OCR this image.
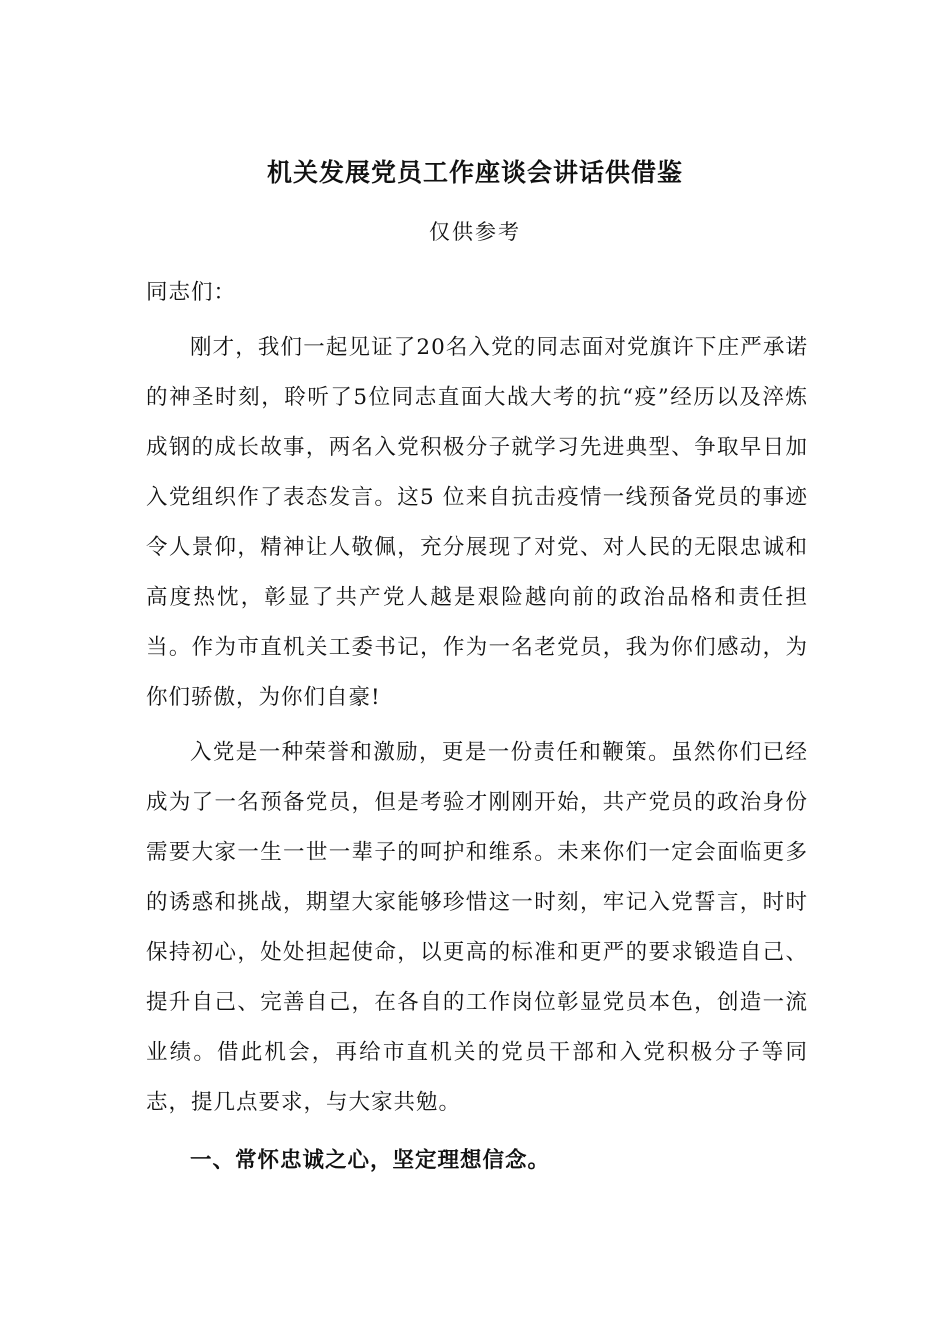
机关发展党员工作座谈会讲话供借鉴
仅供参考
同志们：
刚才，我们一起见证了20名入党的同志面对党旗许下庄严承诺的神圣时刻，聆听了5位同志直面大战大考的抗“疫”经历以及淬炼成钢的成长故事，两名入党积极分子就学习先进典型、争取早日加入党组织作了表态发言。这5 位来自抗击疫情一线预备党员的事迹令人景仰，精神让人敬佩，充分展现了对党、对人民的无限忠诚和高度热忱，彰显了共产党人越是艰险越向前的政治品格和责任担当。作为市直机关工委书记，作为一名老党员，我为你们感动，为你们骄傲，为你们自豪!
入党是一种荣誉和激励，更是一份责任和鞭策。虽然你们已经成为了一名预备党员，但是考验才刚刚开始，共产党员的政治身份需要大家一生一世一辈子的呵护和维系。未来你们一定会面临更多的诱惑和挑战，期望大家能够珍惜这一时刻，牢记入党誓言，时时保持初心，处处担起使命，以更高的标准和更严的要求锻造自己、提升自己、完善自己，在各自的工作岗位彰显党员本色，创造一流业绩。借此机会，再给市直机关的党员干部和入党积极分子等同志，提几点要求，与大家共勉。
一、常怀忠诚之心，坚定理想信念。
